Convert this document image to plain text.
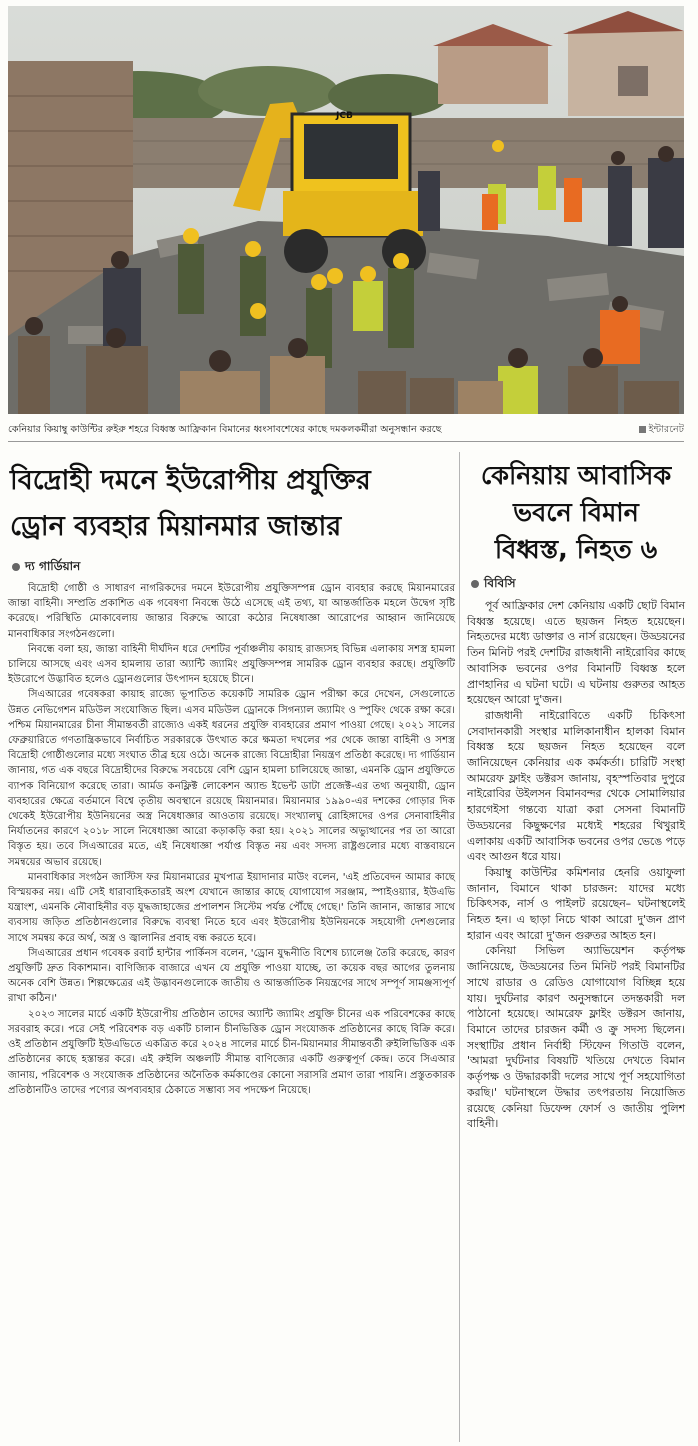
JCB
কেনিয়ার কিয়াম্বু কাউন্টির রুইরু শহরে বিধ্বস্ত আফ্রিকান বিমানের ধ্বংসাবশেষের কাছে দমকলকর্মীরা অনুসন্ধান করছে	ইন্টারনেট
বিদ্রোহী দমনে ইউরোপীয় প্রযুক্তির
ড্রোন ব্যবহার মিয়ানমার জান্তার
দ্য গার্ডিয়ান

বিদ্রোহী গোষ্ঠী ও সাধারণ নাগরিকদের দমনে ইউরোপীয় প্রযুক্তিসম্পন্ন ড্রোন ব্যবহার করছে মিয়ানমারের জান্তা বাহিনী। সম্প্রতি প্রকাশিত এক গবেষণা নিবন্ধে উঠে এসেছে এই তথ্য, যা আন্তর্জাতিক মহলে উদ্বেগ সৃষ্টি করেছে। পরিস্থিতি মোকাবেলায় জান্তার বিরুদ্ধে আরো কঠোর নিষেধাজ্ঞা আরোপের আহ্বান জানিয়েছে মানবাধিকার সংগঠনগুলো।

নিবন্ধে বলা হয়, জান্তা বাহিনী দীর্ঘদিন ধরে দেশটির পূর্বাঞ্চলীয় কায়াহ রাজ্যসহ বিভিন্ন এলাকায় সশস্ত্র হামলা চালিয়ে আসছে এবং এসব হামলায় তারা অ্যান্টি জ্যামিং প্রযুক্তিসম্পন্ন সামরিক ড্রোন ব্যবহার করছে। প্রযুক্তিটি ইউরোপে উদ্ভাবিত হলেও ড্রোনগুলোর উৎপাদন হয়েছে চীনে।

সিএআরের গবেষকরা কায়াহ রাজ্যে ভূপাতিত কয়েকটি সামরিক ড্রোন পরীক্ষা করে দেখেন, সেগুলোতে উন্নত নেভিগেশন মডিউল সংযোজিত ছিল। এসব মডিউল ড্রোনকে সিগন্যাল জ্যামিং ও স্পুফিং থেকে রক্ষা করে। পশ্চিম মিয়ানমারের চীনা সীমান্তবর্তী রাজ্যেও একই ধরনের প্রযুক্তি ব্যবহারের প্রমাণ পাওয়া গেছে। ২০২১ সালের ফেব্রুয়ারিতে গণতান্ত্রিকভাবে নির্বাচিত সরকারকে উৎখাত করে ক্ষমতা দখলের পর থেকে জান্তা বাহিনী ও সশস্ত্র বিদ্রোহী গোষ্ঠীগুলোর মধ্যে সংঘাত তীব্র হয়ে ওঠে। অনেক রাজ্যে বিদ্রোহীরা নিয়ন্ত্রণ প্রতিষ্ঠা করেছে। দ্য গার্ডিয়ান জানায়, গত এক বছরে বিদ্রোহীদের বিরুদ্ধে সবচেয়ে বেশি ড্রোন হামলা চালিয়েছে জান্তা, এমনকি ড্রোন প্রযুক্তিতে ব্যাপক বিনিয়োগ করেছে তারা। আর্মড কনফ্লিক্ট লোকেশন অ্যান্ড ইভেন্ট ডাটা প্রজেক্ট-এর তথ্য অনুযায়ী, ড্রোন ব্যবহারের ক্ষেত্রে বর্তমানে বিশ্বে তৃতীয় অবস্থানে রয়েছে মিয়ানমার। মিয়ানমার ১৯৯০-এর দশকের গোড়ার দিক থেকেই ইউরোপীয় ইউনিয়নের অস্ত্র নিষেধাজ্ঞার আওতায় রয়েছে। সংখ্যালঘু রোহিঙ্গাদের ওপর সেনাবাহিনীর নির্যাতনের কারণে ২০১৮ সালে নিষেধাজ্ঞা আরো কড়াকড়ি করা হয়। ২০২১ সালের অভ্যুত্থানের পর তা আরো বিস্তৃত হয়। তবে সিএআরের মতে, এই নিষেধাজ্ঞা পর্যাপ্ত বিস্তৃত নয় এবং সদস্য রাষ্ট্রগুলোর মধ্যে বাস্তবায়নে সমন্বয়ের অভাব রয়েছে।

মানবাধিকার সংগঠন জাস্টিস ফর মিয়ানমারের মুখপাত্র ইয়াদানার মাউং বলেন, 'এই প্রতিবেদন আমার কাছে বিস্ময়কর নয়। এটি সেই ধারাবাহিকতারই অংশ যেখানে জান্তার কাছে যোগাযোগ সরঞ্জাম, স্পাইওয়্যার, ইউএভি যন্ত্রাংশ, এমনকি নৌবাহিনীর বড় যুদ্ধজাহাজের প্রপালশন সিস্টেম পর্যন্ত পৌঁছে গেছে।' তিনি জানান, জান্তার সাথে ব্যবসায় জড়িত প্রতিষ্ঠানগুলোর বিরুদ্ধে ব্যবস্থা নিতে হবে এবং ইউরোপীয় ইউনিয়নকে সহযোগী দেশগুলোর সাথে সমন্বয় করে অর্থ, অস্ত্র ও জ্বালানির প্রবাহ বন্ধ করতে হবে।

সিএআরের প্রধান গবেষক রবার্ট হান্টার পার্কিনস বলেন, 'ড্রোন যুদ্ধনীতি বিশেষ চ্যালেঞ্জ তৈরি করেছে, কারণ প্রযুক্তিটি দ্রুত বিকাশমান। বাণিজ্যিক বাজারে এখন যে প্রযুক্তি পাওয়া যাচ্ছে, তা কয়েক বছর আগের তুলনায় অনেক বেশি উন্নত। শিল্পক্ষেত্রের এই উদ্ভাবনগুলোকে জাতীয় ও আন্তর্জাতিক নিয়ন্ত্রণের সাথে সম্পূর্ণ সামঞ্জস্যপূর্ণ রাখা কঠিন।'

২০২৩ সালের মার্চে একটি ইউরোপীয় প্রতিষ্ঠান তাদের অ্যান্টি জ্যামিং প্রযুক্তি চীনের এক পরিবেশকের কাছে সরবরাহ করে। পরে সেই পরিবেশক বড় একটি চালান চীনভিত্তিক ড্রোন সংযোজক প্রতিষ্ঠানের কাছে বিক্রি করে। ওই প্রতিষ্ঠান প্রযুক্তিটি ইউএভিতে একত্রিত করে ২০২৪ সালের মার্চে চীন-মিয়ানমার সীমান্তবর্তী রুইলিভিত্তিক এক প্রতিষ্ঠানের কাছে হস্তান্তর করে। এই রুইলি অঞ্চলটি সীমান্ত বাণিজ্যের একটি গুরুত্বপূর্ণ কেন্দ্র। তবে সিএআর জানায়, পরিবেশক ও সংযোজক প্রতিষ্ঠানের অনৈতিক কর্মকাণ্ডের কোনো সরাসরি প্রমাণ তারা পায়নি। প্রস্তুতকারক প্রতিষ্ঠানটিও তাদের পণ্যের অপব্যবহার ঠেকাতে সম্ভাব্য সব পদক্ষেপ নিয়েছে।

কেনিয়ায় আবাসিক
ভবনে বিমান
বিধ্বস্ত, নিহত ৬
বিবিসি

পূর্ব আফ্রিকার দেশ কেনিয়ায় একটি ছোট বিমান বিধ্বস্ত হয়েছে। এতে ছয়জন নিহত হয়েছেন। নিহতদের মধ্যে ডাক্তার ও নার্স রয়েছেন। উড্ডয়নের তিন মিনিট পরই দেশটির রাজধানী নাইরোবির কাছে আবাসিক ভবনের ওপর বিমানটি বিধ্বস্ত হলে প্রাণহানির এ ঘটনা ঘটে। এ ঘটনায় গুরুতর আহত হয়েছেন আরো দু'জন।

রাজধানী নাইরোবিতে একটি চিকিৎসা সেবাদানকারী সংস্থার মালিকানাধীন হালকা বিমান বিধ্বস্ত হয়ে ছয়জন নিহত হয়েছেন বলে জানিয়েছেন কেনিয়ার এক কর্মকর্তা। চারিটি সংস্থা আমরেফ ফ্লাইং ডক্টরস জানায়, বৃহস্পতিবার দুপুরে নাইরোবির উইলসন বিমানবন্দর থেকে সোমালিয়ার হারগেইসা গন্তব্যে যাত্রা করা সেসনা বিমানটি উড্ডয়নের কিছুক্ষণের মধ্যেই শহরের থিখুরাই এলাকায় একটি আবাসিক ভবনের ওপর ভেঙে পড়ে এবং আগুন ধরে যায়।

কিয়াম্বু কাউন্টির কমিশনার হেনরি ওয়াফুলা জানান, বিমানে থাকা চারজন: যাদের মধ্যে চিকিৎসক, নার্স ও পাইলট রয়েছেন– ঘটনাস্থলেই নিহত হন। এ ছাড়া নিচে থাকা আরো দু'জন প্রাণ হারান এবং আরো দু'জন গুরুতর আহত হন।

কেনিয়া সিভিল অ্যাভিয়েশন কর্তৃপক্ষ জানিয়েছে, উড্ডয়নের তিন মিনিট পরই বিমানটির সাথে রাডার ও রেডিও যোগাযোগ বিচ্ছিন্ন হয়ে যায়। দুর্ঘটনার কারণ অনুসন্ধানে তদন্তকারী দল পাঠানো হয়েছে। আমরেফ ফ্লাইং ডক্টরস জানায়, বিমানে তাদের চারজন কর্মী ও ক্রু সদস্য ছিলেন। সংস্থাটির প্রধান নির্বাহী স্টিফেন গিতাউ বলেন, 'আমরা দুর্ঘটনার বিষয়টি খতিয়ে দেখতে বিমান কর্তৃপক্ষ ও উদ্ধারকারী দলের সাথে পূর্ণ সহযোগিতা করছি।' ঘটনাস্থলে উদ্ধার তৎপরতায় নিয়োজিত রয়েছে কেনিয়া ডিফেন্স ফোর্স ও জাতীয় পুলিশ বাহিনী।
